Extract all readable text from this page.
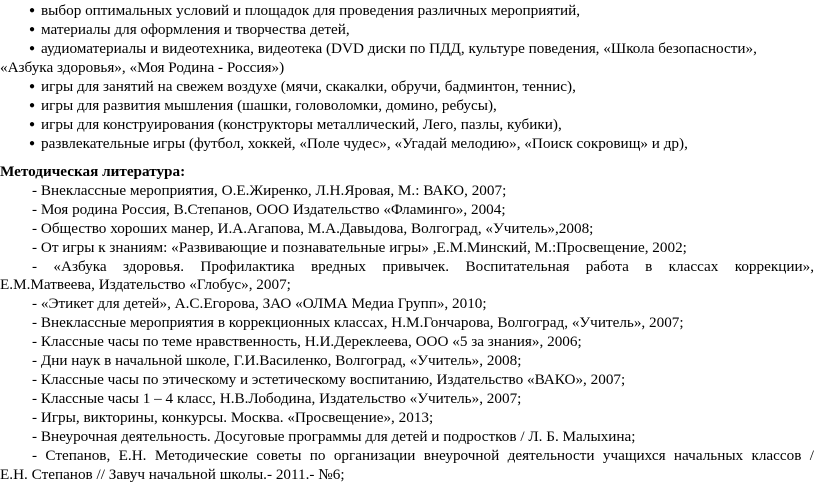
● выбор оптимальных условий и площадок для проведения различных мероприятий,
● материалы для оформления и творчества детей,
● аудиоматериалы и видеотехника, видеотека (DVD диски по ПДД, культуре поведения, «Школа безопасности»,
«Азбука здоровья», «Моя Родина - Россия»)
● игры для занятий на свежем воздухе (мячи, скакалки, обручи, бадминтон, теннис),
● игры для развития мышления (шашки, головоломки, домино, ребусы),
● игры для конструирования (конструкторы металлический, Лего, пазлы, кубики),
● развлекательные игры (футбол, хоккей, «Поле чудес», «Угадай мелодию», «Поиск сокровищ» и др),
Методическая литература:
- Внеклассные мероприятия, О.Е.Жиренко, Л.Н.Яровая, М.: ВАКО, 2007;
- Моя родина Россия, В.Степанов, ООО Издательство «Фламинго», 2004;
- Общество хороших манер, И.А.Агапова, М.А.Давыдова, Волгоград, «Учитель»,2008;
- От игры к знаниям: «Развивающие и познавательные игры» ,Е.М.Минский, М.:Просвещение, 2002;
- «Азбука здоровья. Профилактика вредных привычек. Воспитательная работа в классах коррекции»,
Е.М.Матвеева, Издательство «Глобус», 2007;
- «Этикет для детей», А.С.Егорова, ЗАО «ОЛМА Медиа Групп», 2010;
- Внеклассные мероприятия в коррекционных классах, Н.М.Гончарова, Волгоград, «Учитель», 2007;
- Классные часы по теме нравственность, Н.И.Дереклеева, ООО «5 за знания», 2006;
- Дни наук в начальной школе, Г.И.Василенко, Волгоград, «Учитель», 2008;
- Классные часы по этическому и эстетическому воспитанию, Издательство «ВАКО», 2007;
- Классные часы 1 – 4 класс, Н.В.Лободина, Издательство «Учитель», 2007;
- Игры, викторины, конкурсы. Москва. «Просвещение», 2013;
- Внеурочная деятельность. Досуговые программы для детей и подростков / Л. Б. Малыхина;
- Степанов, Е.Н. Методические советы по организации внеурочной деятельности учащихся начальных классов /
Е.Н. Степанов // Завуч начальной школы.- 2011.- №6;
